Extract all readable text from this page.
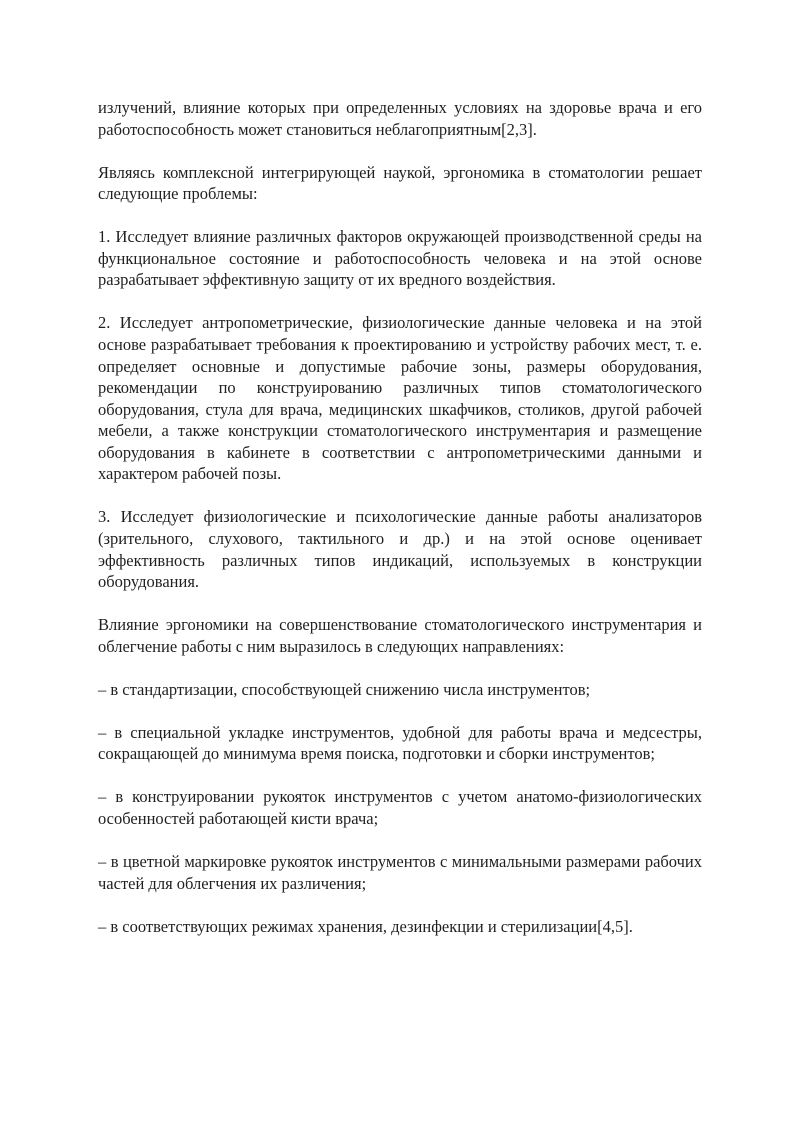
излучений, влияние которых при определенных условиях на здоровье врача и его работоспособность может становиться неблагоприятным[2,3].

Являясь комплексной интегрирующей наукой, эргономика в стоматологии решает следующие проблемы:

1. Исследует влияние различных факторов окружающей производственной среды на функциональное состояние и работоспособность человека и на этой основе разрабатывает эффективную защиту от их вредного воздействия.

2. Исследует антропометрические, физиологические данные человека и на этой основе разрабатывает требования к проектированию и устройству рабочих мест, т. е. определяет основные и допустимые рабочие зоны, размеры оборудования, рекомендации по конструированию различных типов стоматологического оборудования, стула для врача, медицинских шкафчиков, столиков, другой рабочей мебели, а также конструкции стоматологического инструментария и размещение оборудования в кабинете в соответствии с антропометрическими данными и характером рабочей позы.

3. Исследует физиологические и психологические данные работы анализаторов (зрительного, слухового, тактильного и др.) и на этой основе оценивает эффективность различных типов индикаций, используемых в конструкции оборудования.

Влияние эргономики на совершенствование стоматологического инструментария и облегчение работы с ним выразилось в следующих направлениях:

– в стандартизации, способствующей снижению числа инструментов;

– в специальной укладке инструментов, удобной для работы врача и медсестры, сокращающей до минимума время поиска, подготовки и сборки инструментов;

– в конструировании рукояток инструментов с учетом анатомо-физиологических особенностей работающей кисти врача;

– в цветной маркировке рукояток инструментов с минимальными размерами рабочих частей для облегчения их различения;

– в соответствующих режимах хранения, дезинфекции и стерилизации[4,5].
